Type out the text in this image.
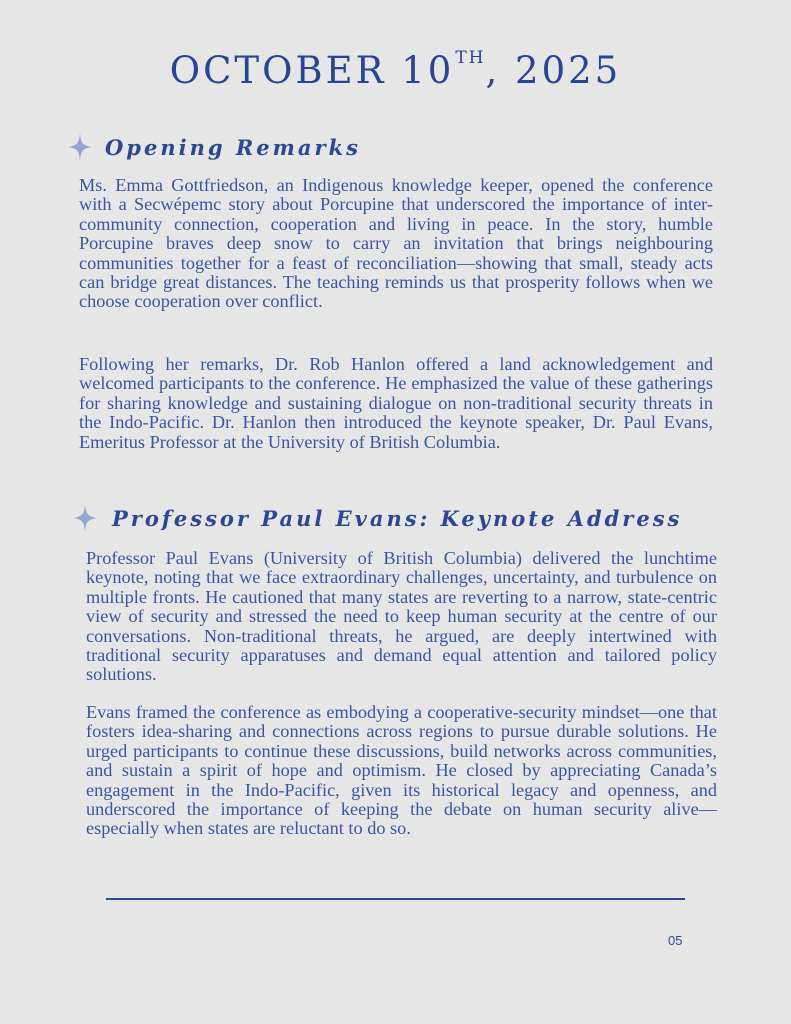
OCTOBER 10TH, 2025
Opening Remarks

Ms. Emma Gottfriedson, an Indigenous knowledge keeper, opened the conference with a Secwépemc story about Porcupine that underscored the importance of inter-community connection, cooperation and living in peace. In the story, humble Porcupine braves deep snow to carry an invitation that brings neighbouring communities together for a feast of reconciliation—showing that small, steady acts can bridge great distances. The teaching reminds us that prosperity follows when we choose cooperation over conflict.

Following her remarks, Dr. Rob Hanlon offered a land acknowledgement and welcomed participants to the conference. He emphasized the value of these gatherings for sharing knowledge and sustaining dialogue on non-traditional security threats in the Indo-Pacific. Dr. Hanlon then introduced the keynote speaker, Dr. Paul Evans, Emeritus Professor at the University of British Columbia.

Professor Paul Evans: Keynote Address

Professor Paul Evans (University of British Columbia) delivered the lunchtime keynote, noting that we face extraordinary challenges, uncertainty, and turbulence on multiple fronts. He cautioned that many states are reverting to a narrow, state-centric view of security and stressed the need to keep human security at the centre of our conversations. Non-traditional threats, he argued, are deeply intertwined with traditional security apparatuses and demand equal attention and tailored policy solutions.

Evans framed the conference as embodying a cooperative-security mindset—one that fosters idea-sharing and connections across regions to pursue durable solutions. He urged participants to continue these discussions, build networks across communities, and sustain a spirit of hope and optimism. He closed by appreciating Canada’s engagement in the Indo-Pacific, given its historical legacy and openness, and underscored the importance of keeping the debate on human security alive—especially when states are reluctant to do so.

05
